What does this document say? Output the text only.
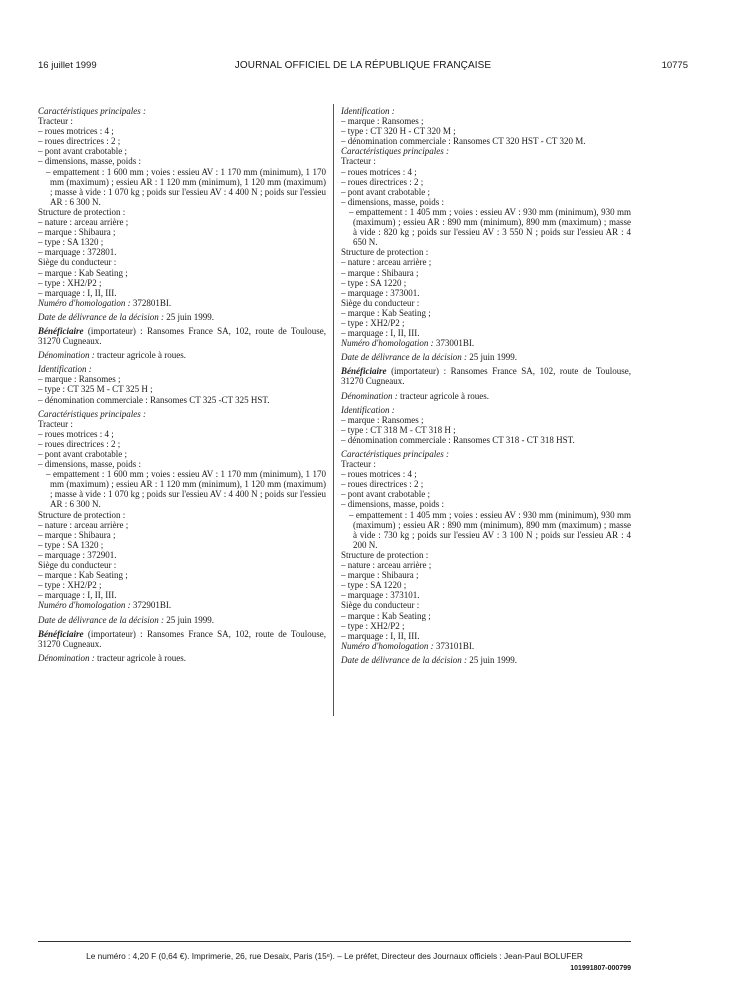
16 juillet 1999	JOURNAL OFFICIEL DE LA RÉPUBLIQUE FRANÇAISE	10775

Caractéristiques principales :

Tracteur :

– roues motrices : 4 ;

– roues directrices : 2 ;

– pont avant crabotable ;

– dimensions, masse, poids :

– empattement : 1 600 mm ; voies : essieu AV : 1 170 mm (minimum), 1 170 mm (maximum) ; essieu AR : 1 120 mm (minimum), 1 120 mm (maximum) ; masse à vide : 1 070 kg ; poids sur l'essieu AV : 4 400 N ; poids sur l'essieu AR : 6 300 N.

Structure de protection :

– nature : arceau arrière ;

– marque : Shibaura ;

– type : SA 1320 ;

– marquage : 372801.

Siège du conducteur :

– marque : Kab Seating ;

– type : XH2/P2 ;

– marquage : I, II, III.

Numéro d'homologation : 372801BI.

Date de délivrance de la décision : 25 juin 1999.

Bénéficiaire (importateur) : Ransomes France SA, 102, route de Toulouse, 31270 Cugneaux.

Dénomination : tracteur agricole à roues.

Identification :

– marque : Ransomes ;

– type : CT 325 M - CT 325 H ;

– dénomination commerciale : Ransomes CT 325 -CT 325 HST.

Caractéristiques principales :

Tracteur :

– roues motrices : 4 ;

– roues directrices : 2 ;

– pont avant crabotable ;

– dimensions, masse, poids :

– empattement : 1 600 mm ; voies : essieu AV : 1 170 mm (minimum), 1 170 mm (maximum) ; essieu AR : 1 120 mm (minimum), 1 120 mm (maximum) ; masse à vide : 1 070 kg ; poids sur l'essieu AV : 4 400 N ; poids sur l'essieu AR : 6 300 N.

Structure de protection :

– nature : arceau arrière ;

– marque : Shibaura ;

– type : SA 1320 ;

– marquage : 372901.

Siège du conducteur :

– marque : Kab Seating ;

– type : XH2/P2 ;

– marquage : I, II, III.

Numéro d'homologation : 372901BI.

Date de délivrance de la décision : 25 juin 1999.

Bénéficiaire (importateur) : Ransomes France SA, 102, route de Toulouse, 31270 Cugneaux.

Dénomination : tracteur agricole à roues.

Identification :

– marque : Ransomes ;

– type : CT 320 H - CT 320 M ;

– dénomination commerciale : Ransomes CT 320 HST - CT 320 M.

Caractéristiques principales :

Tracteur :

– roues motrices : 4 ;

– roues directrices : 2 ;

– pont avant crabotable ;

– dimensions, masse, poids :

– empattement : 1 405 mm ; voies : essieu AV : 930 mm (minimum), 930 mm (maximum) ; essieu AR : 890 mm (minimum), 890 mm (maximum) ; masse à vide : 820 kg ; poids sur l'essieu AV : 3 550 N ; poids sur l'essieu AR : 4 650 N.

Structure de protection :

– nature : arceau arrière ;

– marque : Shibaura ;

– type : SA 1220 ;

– marquage : 373001.

Siège du conducteur :

– marque : Kab Seating ;

– type : XH2/P2 ;

– marquage : I, II, III.

Numéro d'homologation : 373001BI.

Date de délivrance de la décision : 25 juin 1999.

Bénéficiaire (importateur) : Ransomes France SA, 102, route de Toulouse, 31270 Cugneaux.

Dénomination : tracteur agricole à roues.

Identification :

– marque : Ransomes ;

– type : CT 318 M - CT 318 H ;

– dénomination commerciale : Ransomes CT 318 - CT 318 HST.

Caractéristiques principales :

Tracteur :

– roues motrices : 4 ;

– roues directrices : 2 ;

– pont avant crabotable ;

– dimensions, masse, poids :

– empattement : 1 405 mm ; voies : essieu AV : 930 mm (minimum), 930 mm (maximum) ; essieu AR : 890 mm (minimum), 890 mm (maximum) ; masse à vide : 730 kg ; poids sur l'essieu AV : 3 100 N ; poids sur l'essieu AR : 4 200 N.

Structure de protection :

– nature : arceau arrière ;

– marque : Shibaura ;

– type : SA 1220 ;

– marquage : 373101.

Siège du conducteur :

– marque : Kab Seating ;

– type : XH2/P2 ;

– marquage : I, II, III.

Numéro d'homologation : 373101BI.

Date de délivrance de la décision : 25 juin 1999.

Le numéro : 4,20 F (0,64 €). Imprimerie, 26, rue Desaix, Paris (15ᵉ). – Le préfet, Directeur des Journaux officiels : Jean-Paul BOLUFER
101991807-000799
